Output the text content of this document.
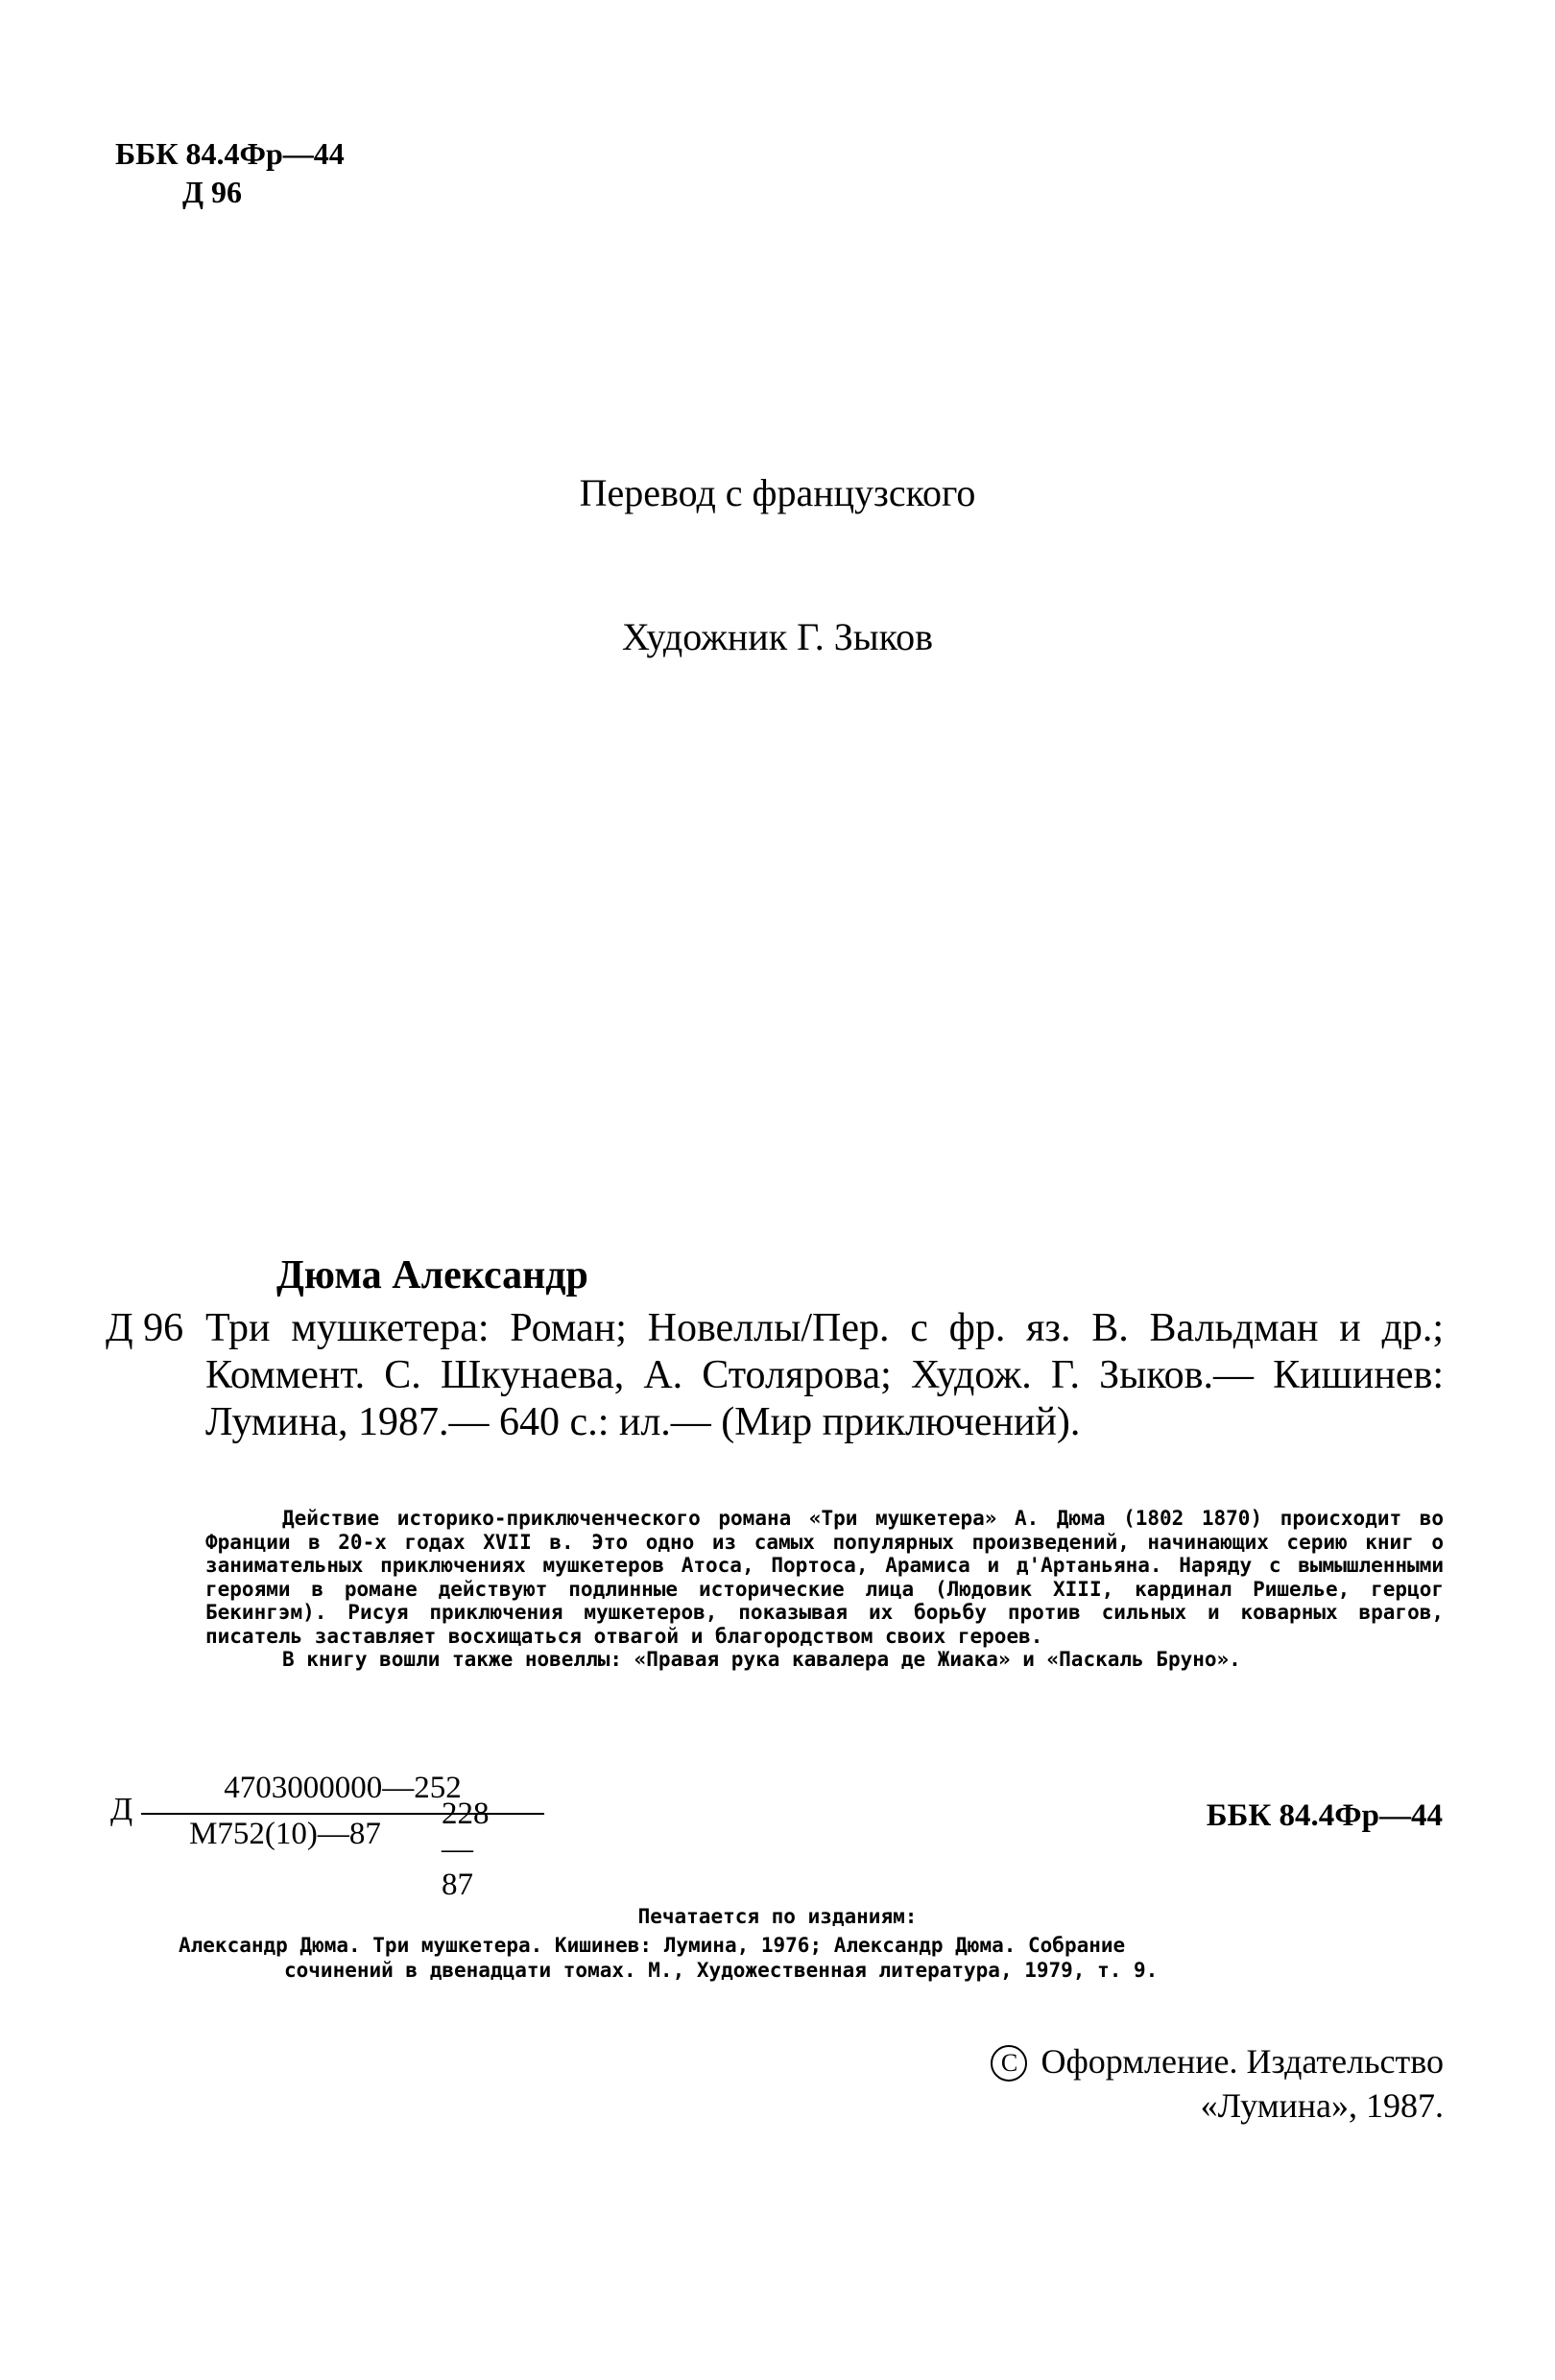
ББК 84.4Фр—44
Д 96
Перевод с французского
Художник Г. Зыков
Дюма Александр
Д 96 Три мушкетера: Роман; Новеллы/Пер. с фр. яз. В. Вальдман и др.; Коммент. С. Шкунаева, А. Столярова; Худож. Г. Зыков.— Кишинев: Лумина, 1987.— 640 с.: ил.— (Мир приключений).

Действие историко-приключенческого романа «Три мушкетера» А. Дюма (1802 1870) происходит во Франции в 20-х годах XVII в. Это одно из самых популярных произведений, начинающих серию книг о занимательных приключениях мушкетеров Атоса, Портоса, Арамиса и д'Артаньяна. Наряду с вымышленными героями в романе действуют подлинные исторические лица (Людовик XIII, кардинал Ришелье, герцог Бекингэм). Рисуя приключения мушкетеров, показывая их борьбу против сильных и коварных врагов, писатель заставляет восхищаться отвагой и благородством своих героев.

В книгу вошли также новеллы: «Правая рука кавалера де Жиака» и «Паскаль Бруно».

Д
4703000000—252
М752(10)—87
228—87
ББК 84.4Фр—44
Печатается по изданиям:
Александр Дюма. Три мушкетера. Кишинев: Лумина, 1976; Александр Дюма. Собрание
сочинений в двенадцати томах. М., Художественная литература, 1979, т. 9.
C Оформление. Издательство
«Лумина», 1987.
